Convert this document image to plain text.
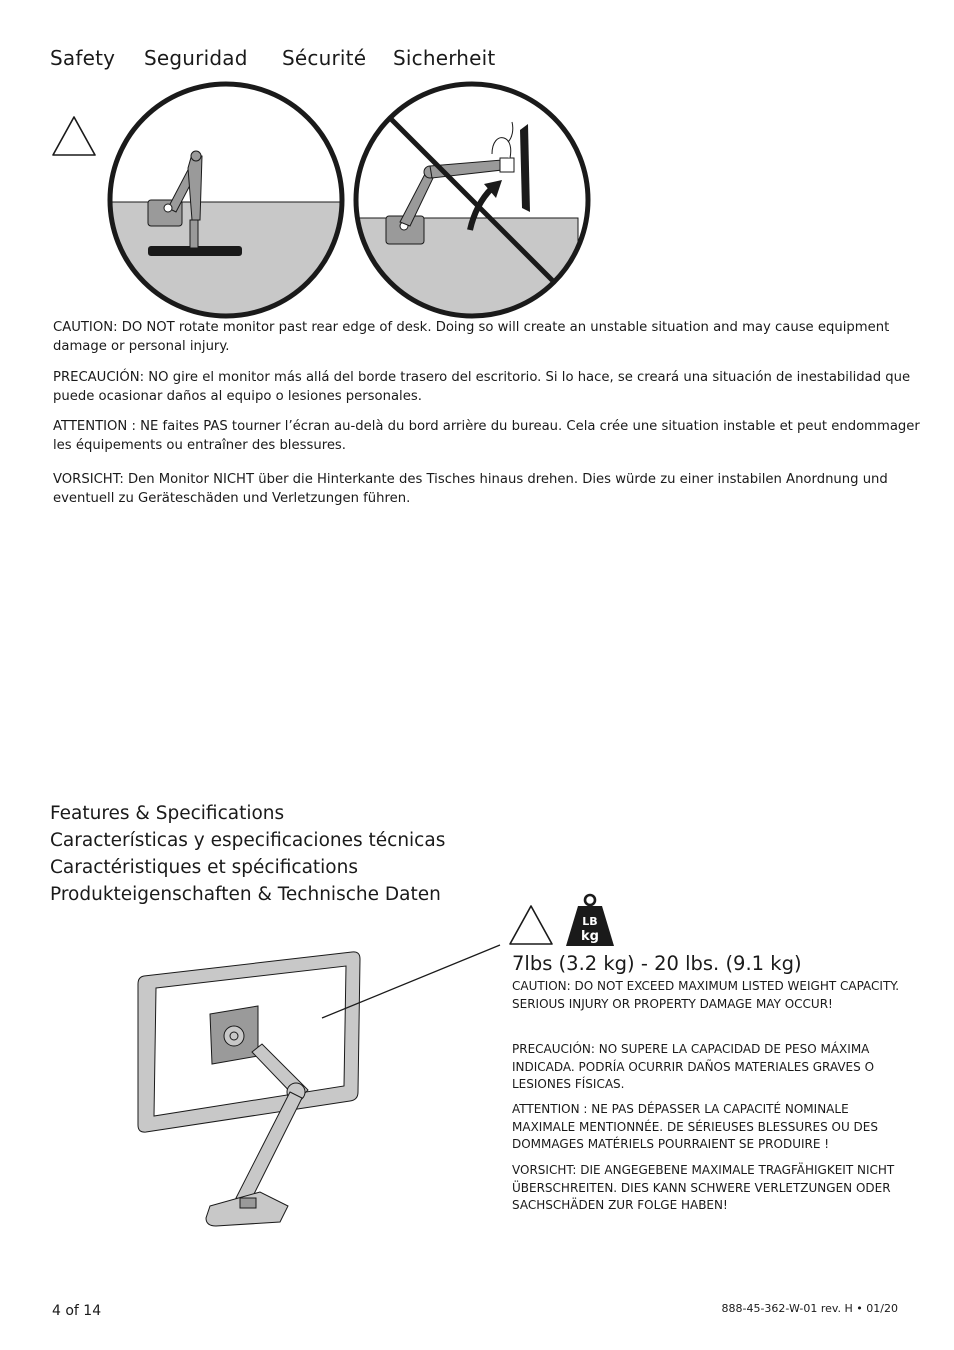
Safety Seguridad Sécurité Sicherheit

CAUTION: DO NOT rotate monitor past rear edge of desk. Doing so will create an unstable situation and may cause equipment damage or personal injury.

PRECAUCIÓN: NO gire el monitor más allá del borde trasero del escritorio. Si lo hace, se creará una situación de inestabilidad que puede ocasionar daños al equipo o lesiones personales.

ATTENTION : NE faites PAS tourner l’écran au-delà du bord arrière du bureau. Cela crée une situation instable et peut endommager les équipements ou entraîner des blessures.

VORSICHT: Den Monitor NICHT über die Hinterkante des Tisches hinaus drehen. Dies würde zu einer instabilen Anordnung und eventuell zu Geräteschäden und Verletzungen führen.

Features & Specifications
Características y especificaciones técnicas
Caractéristiques et spécifications
Produkteigenschaften & Technische Daten
LB
kg
7lbs (3.2 kg) - 20 lbs. (9.1 kg)

CAUTION: DO NOT EXCEED MAXIMUM LISTED WEIGHT CAPACITY. SERIOUS INJURY OR PROPERTY DAMAGE MAY OCCUR!

PRECAUCIÓN: NO SUPERE LA CAPACIDAD DE PESO MÁXIMA INDICADA. PODRÍA OCURRIR DAÑOS MATERIALES GRAVES O LESIONES FÍSICAS.

ATTENTION : NE PAS DÉPASSER LA CAPACITÉ NOMINALE MAXIMALE MENTIONNÉE. DE SÉRIEUSES BLESSURES OU DES DOMMAGES MATÉRIELS POURRAIENT SE PRODUIRE !

VORSICHT: DIE ANGEGEBENE MAXIMALE TRAGFÄHIGKEIT NICHT ÜBERSCHREITEN. DIES KANN SCHWERE VERLETZUNGEN ODER SACHSCHÄDEN ZUR FOLGE HABEN!

4 of 14	888-45-362-W-01 rev. H • 01/20
